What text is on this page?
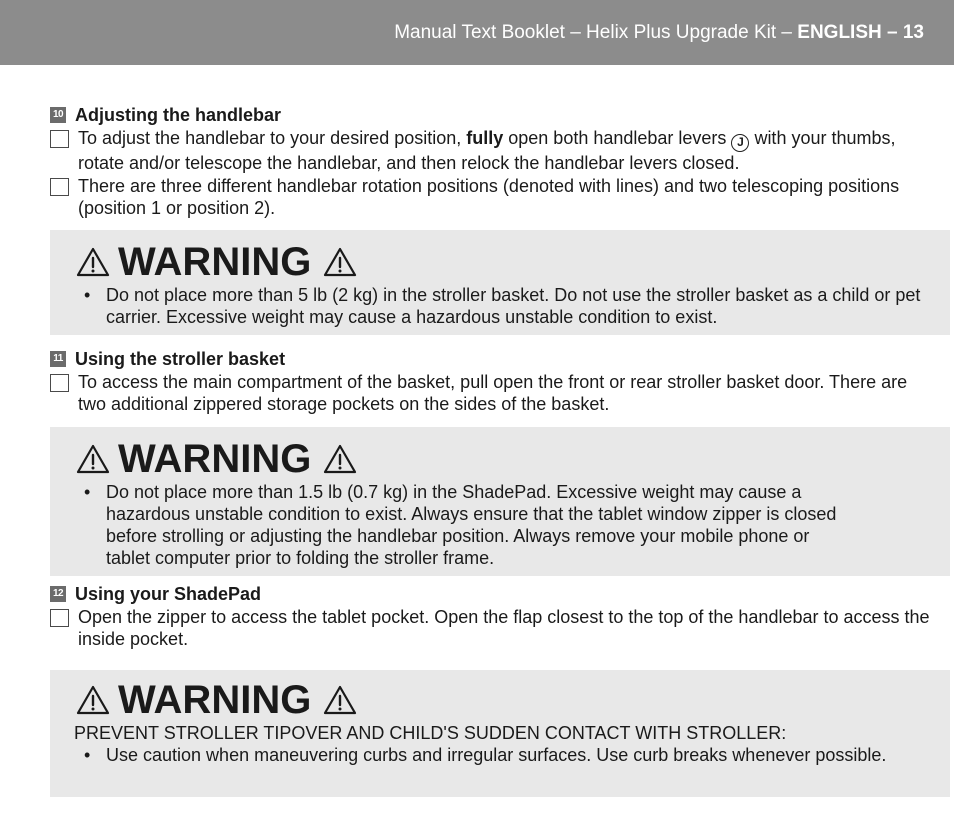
Manual Text Booklet – Helix Plus Upgrade Kit – ENGLISH – 13
10 Adjusting the handlebar
To adjust the handlebar to your desired position, fully open both handlebar levers J with your thumbs, rotate and/or telescope the handlebar, and then relock the handlebar levers closed.
There are three different handlebar rotation positions (denoted with lines) and two telescoping positions (position 1 or position 2).
WARNING
• Do not place more than 5 lb (2 kg) in the stroller basket. Do not use the stroller basket as a child or pet carrier. Excessive weight may cause a hazardous unstable condition to exist.
11 Using the stroller basket
To access the main compartment of the basket, pull open the front or rear stroller basket door. There are two additional zippered storage pockets on the sides of the basket.
WARNING
• Do not place more than 1.5 lb (0.7 kg) in the ShadePad. Excessive weight may cause a hazardous unstable condition to exist. Always ensure that the tablet window zipper is closed before strolling or adjusting the handlebar position. Always remove your mobile phone or tablet computer prior to folding the stroller frame.
12 Using your ShadePad
Open the zipper to access the tablet pocket. Open the flap closest to the top of the handlebar to access the inside pocket.
WARNING
PREVENT STROLLER TIPOVER AND CHILD'S SUDDEN CONTACT WITH STROLLER:
• Use caution when maneuvering curbs and irregular surfaces. Use curb breaks whenever possible.
